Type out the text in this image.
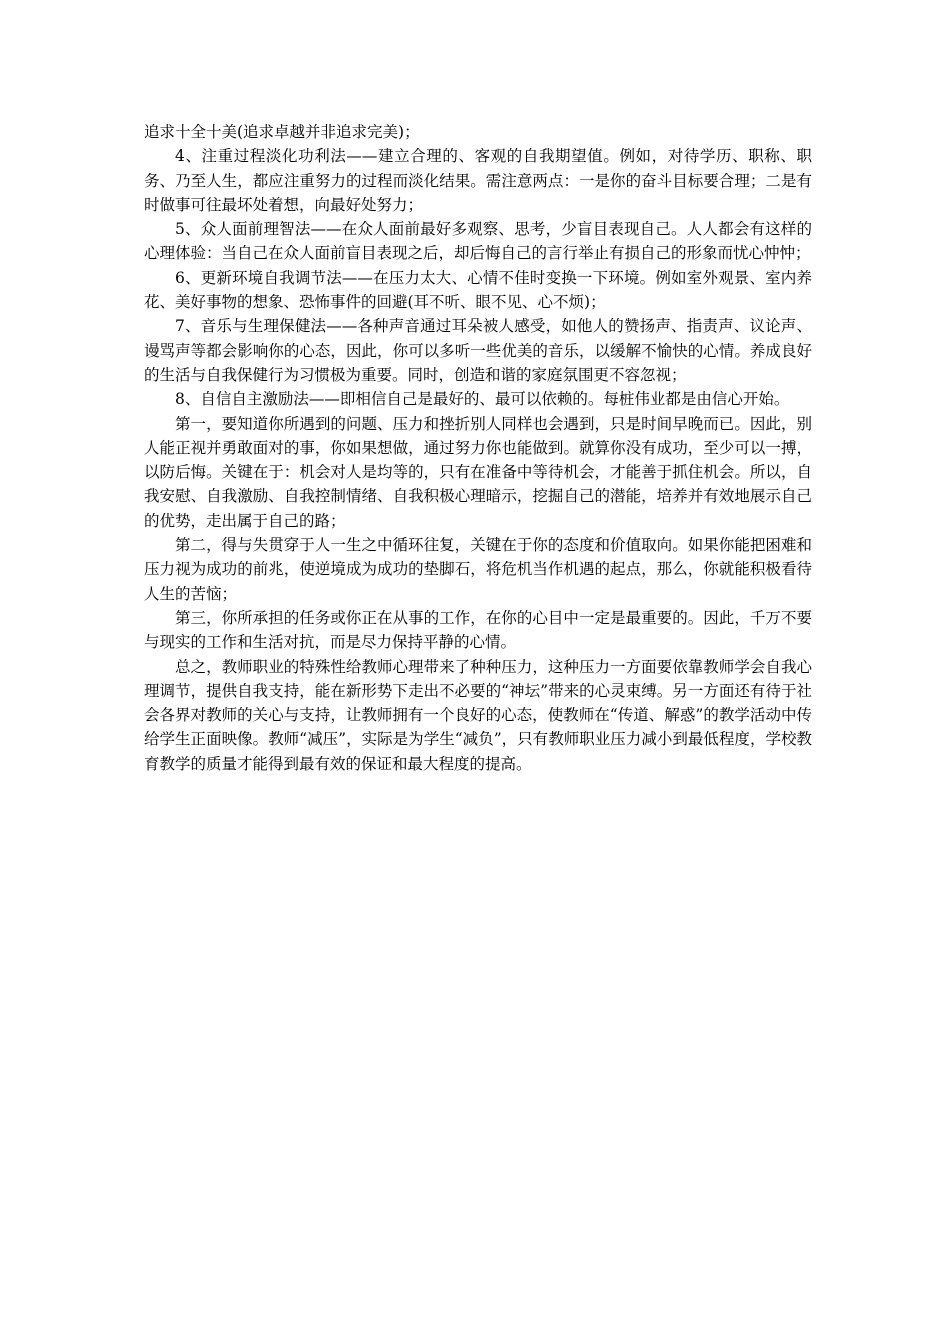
追求十全十美(追求卓越并非追求完美)；

4、注重过程淡化功利法——建立合理的、客观的自我期望值。例如，对待学历、职称、职务、乃至人生，都应注重努力的过程而淡化结果。需注意两点：一是你的奋斗目标要合理；二是有时做事可往最坏处着想，向最好处努力；

5、众人面前理智法——在众人面前最好多观察、思考，少盲目表现自己。人人都会有这样的心理体验：当自己在众人面前盲目表现之后，却后悔自己的言行举止有损自己的形象而忧心忡忡；

6、更新环境自我调节法——在压力太大、心情不佳时变换一下环境。例如室外观景、室内养花、美好事物的想象、恐怖事件的回避(耳不听、眼不见、心不烦)；

7、音乐与生理保健法——各种声音通过耳朵被人感受，如他人的赞扬声、指责声、议论声、谩骂声等都会影响你的心态，因此，你可以多听一些优美的音乐，以缓解不愉快的心情。养成良好的生活与自我保健行为习惯极为重要。同时，创造和谐的家庭氛围更不容忽视；

8、自信自主激励法——即相信自己是最好的、最可以依赖的。每桩伟业都是由信心开始。

第一，要知道你所遇到的问题、压力和挫折别人同样也会遇到，只是时间早晚而已。因此，别人能正视并勇敢面对的事，你如果想做，通过努力你也能做到。就算你没有成功，至少可以一搏，以防后悔。关键在于：机会对人是均等的，只有在准备中等待机会，才能善于抓住机会。所以，自我安慰、自我激励、自我控制情绪、自我积极心理暗示，挖掘自己的潜能，培养并有效地展示自己的优势，走出属于自己的路；

第二，得与失贯穿于人一生之中循环往复，关键在于你的态度和价值取向。如果你能把困难和压力视为成功的前兆，使逆境成为成功的垫脚石，将危机当作机遇的起点，那么，你就能积极看待人生的苦恼；

第三，你所承担的任务或你正在从事的工作，在你的心目中一定是最重要的。因此，千万不要与现实的工作和生活对抗，而是尽力保持平静的心情。

总之，教师职业的特殊性给教师心理带来了种种压力，这种压力一方面要依靠教师学会自我心理调节，提供自我支持，能在新形势下走出不必要的“神坛”带来的心灵束缚。另一方面还有待于社会各界对教师的关心与支持，让教师拥有一个良好的心态，使教师在“传道、解惑”的教学活动中传给学生正面映像。教师“减压”，实际是为学生“减负”，只有教师职业压力减小到最低程度，学校教育教学的质量才能得到最有效的保证和最大程度的提高。
